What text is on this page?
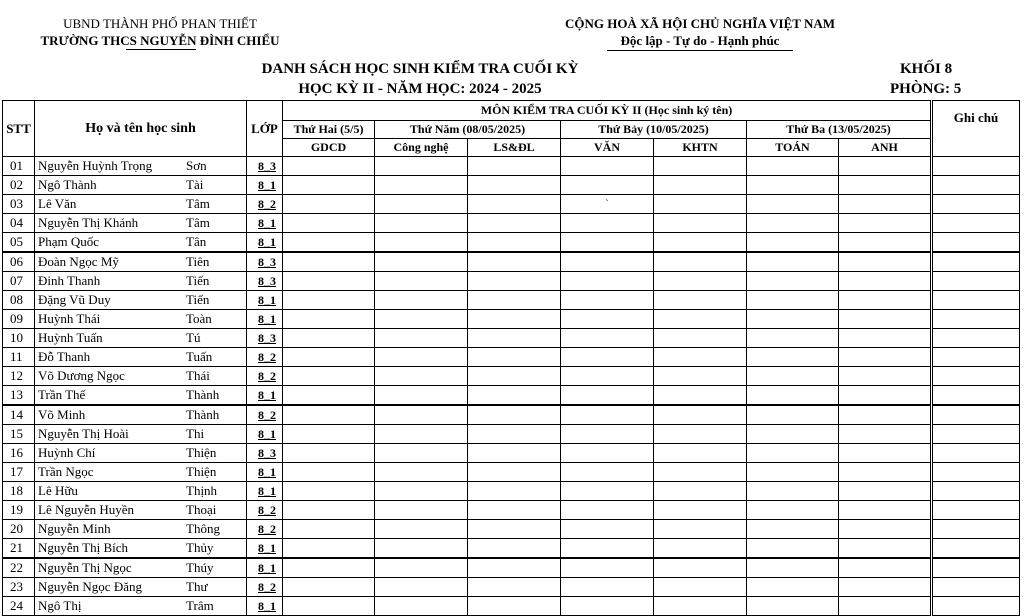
UBND THÀNH PHỐ PHAN THIẾT
TRƯỜNG THCS NGUYỄN ĐÌNH CHIỂU
CỘNG HOÀ XÃ HỘI CHỦ NGHĨA VIỆT NAM
Độc lập - Tự do - Hạnh phúc
DANH SÁCH HỌC SINH KIỂM TRA CUỐI KỲ
HỌC KỲ II - NĂM HỌC: 2024 - 2025
KHỐI 8
PHÒNG: 5
STT	Họ và tên học sinh	LỚP	MÔN KIỂM TRA CUỐI KỲ II (Học sinh ký tên)							Ghi chú
			Thứ Hai (5/5)	Thứ Năm (08/05/2025)		Thứ Bảy (10/05/2025)		Thứ Ba (13/05/2025)		
			GDCD	Công nghệ	LS&ĐL	VĂN	KHTN	TOÁN	ANH	
01	Nguyễn Huỳnh Trọng Sơn	8_3								
02	Ngô Thành Tài	8_1								
03	Lê Văn Tâm	8_2				`				
04	Nguyễn Thị Khánh Tâm	8_1								
05	Phạm Quốc Tân	8_1								
06	Đoàn Ngọc Mỹ Tiên	8_3								
07	Đinh Thanh Tiến	8_3								
08	Đặng Vũ Duy Tiến	8_1								
09	Huỳnh Thái Toàn	8_1								
10	Huỳnh Tuấn Tú	8_3								
11	Đỗ Thanh Tuấn	8_2								
12	Võ Dương Ngọc Thái	8_2								
13	Trần Thế Thành	8_1								
14	Võ Minh Thành	8_2								
15	Nguyễn Thị Hoài Thi	8_1								
16	Huỳnh Chí Thiện	8_3								
17	Trần Ngọc Thiện	8_1								
18	Lê Hữu Thịnh	8_1								
19	Lê Nguyễn Huyền Thoại	8_2								
20	Nguyễn Minh Thông	8_2								
21	Nguyễn Thị Bích Thủy	8_1								
22	Nguyễn Thị Ngọc Thúy	8_1								
23	Nguyễn Ngọc Đăng Thư	8_2								
24	Ngô Thị Trâm	8_1								
